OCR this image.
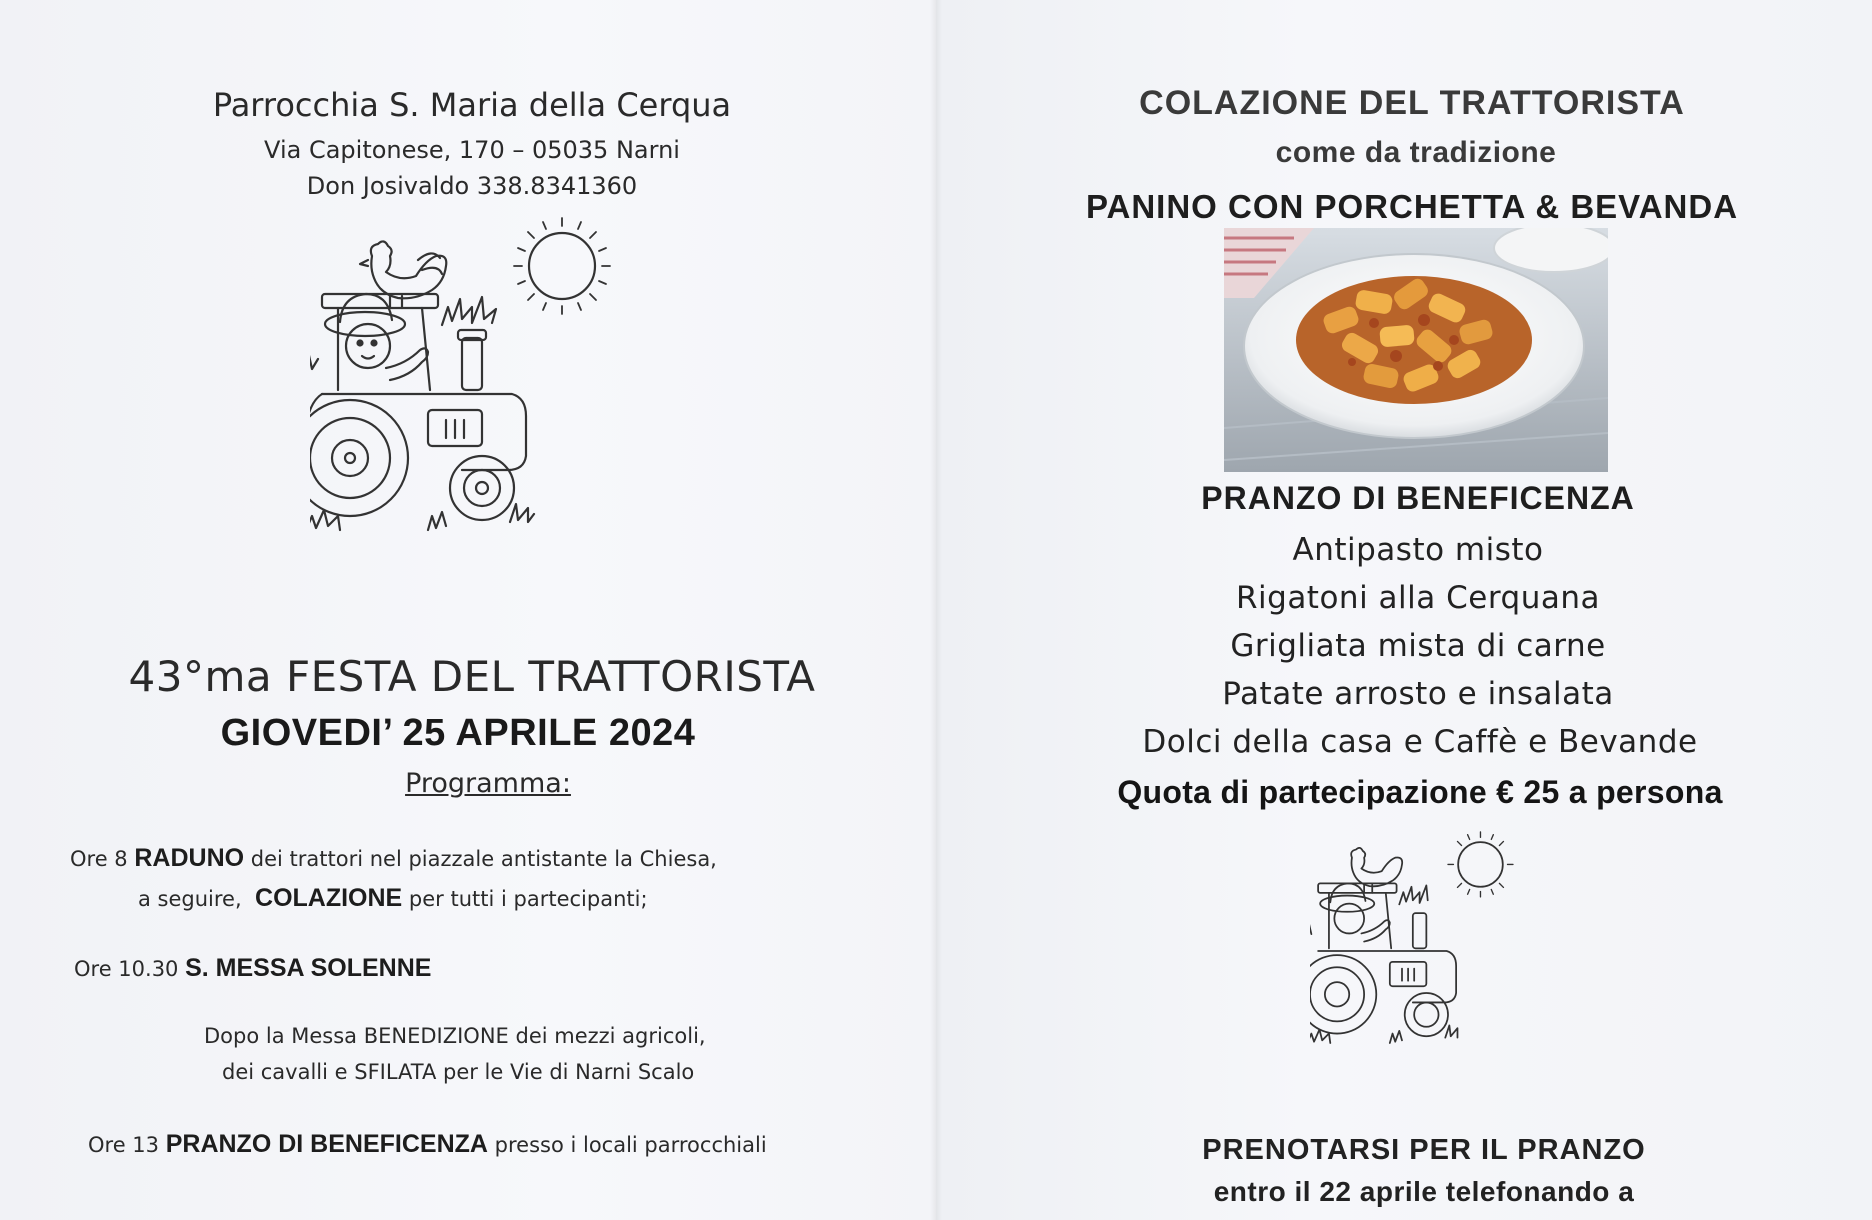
Parrocchia S. Maria della Cerqua
Via Capitonese, 170 – 05035 Narni
Don Josivaldo 338.8341360
43°ma FESTA DEL TRATTORISTA
GIOVEDI’ 25 APRILE 2024
Programma:
Ore 8 RADUNO dei trattori nel piazzale antistante la Chiesa,
a seguire, COLAZIONE per tutti i partecipanti;
Ore 10.30 S. MESSA SOLENNE
Dopo la Messa BENEDIZIONE dei mezzi agricoli,
dei cavalli e SFILATA per le Vie di Narni Scalo
Ore 13 PRANZO DI BENEFICENZA presso i locali parrocchiali
COLAZIONE DEL TRATTORISTA
come da tradizione
PANINO CON PORCHETTA & BEVANDA
PRANZO DI BENEFICENZA
Antipasto misto
Rigatoni alla Cerquana
Grigliata mista di carne
Patate arrosto e insalata
Dolci della casa e Caffè e Bevande
Quota di partecipazione € 25 a persona
PRENOTARSI PER IL PRANZO
entro il 22 aprile telefonando a
